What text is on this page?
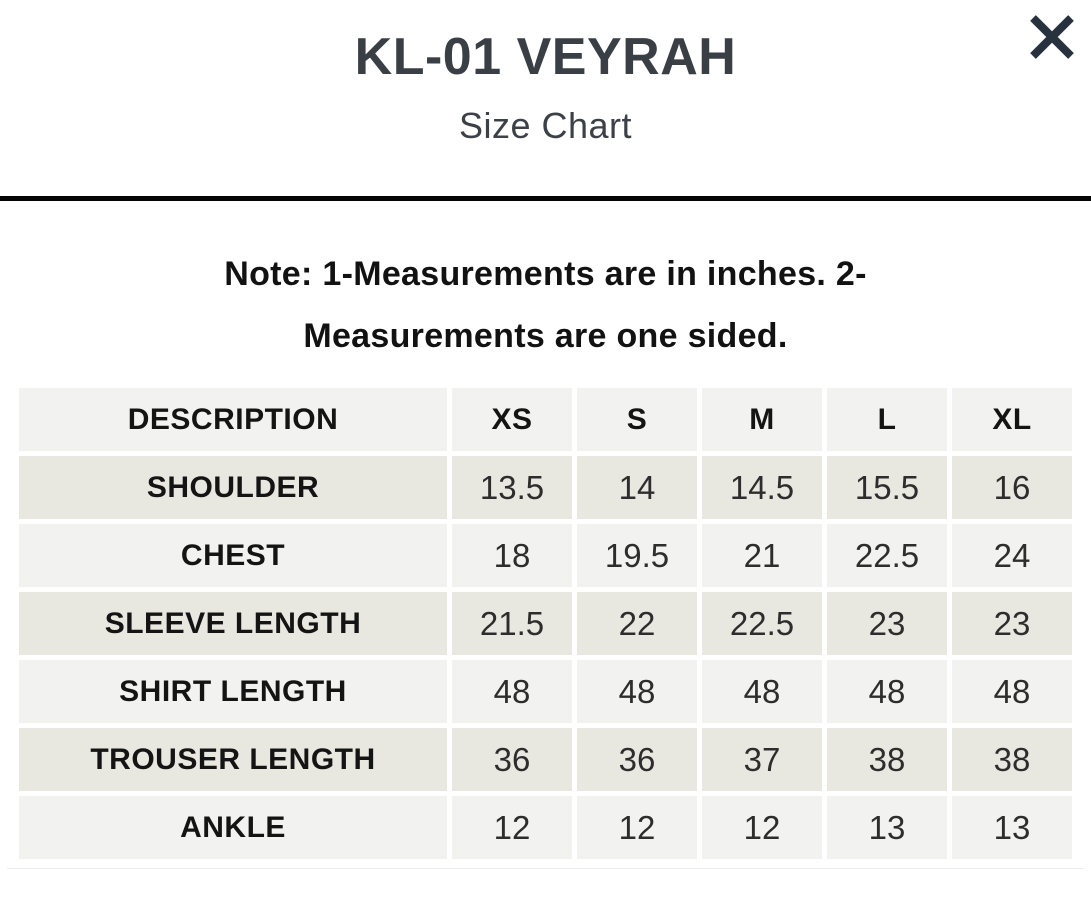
KL-01 VEYRAH
Size Chart
Note: 1-Measurements are in inches. 2-
Measurements are one sided.
DESCRIPTION	XS	S	M	L	XL
SHOULDER	13.5	14	14.5	15.5	16
CHEST	18	19.5	21	22.5	24
SLEEVE LENGTH	21.5	22	22.5	23	23
SHIRT LENGTH	48	48	48	48	48
TROUSER LENGTH	36	36	37	38	38
ANKLE	12	12	12	13	13
